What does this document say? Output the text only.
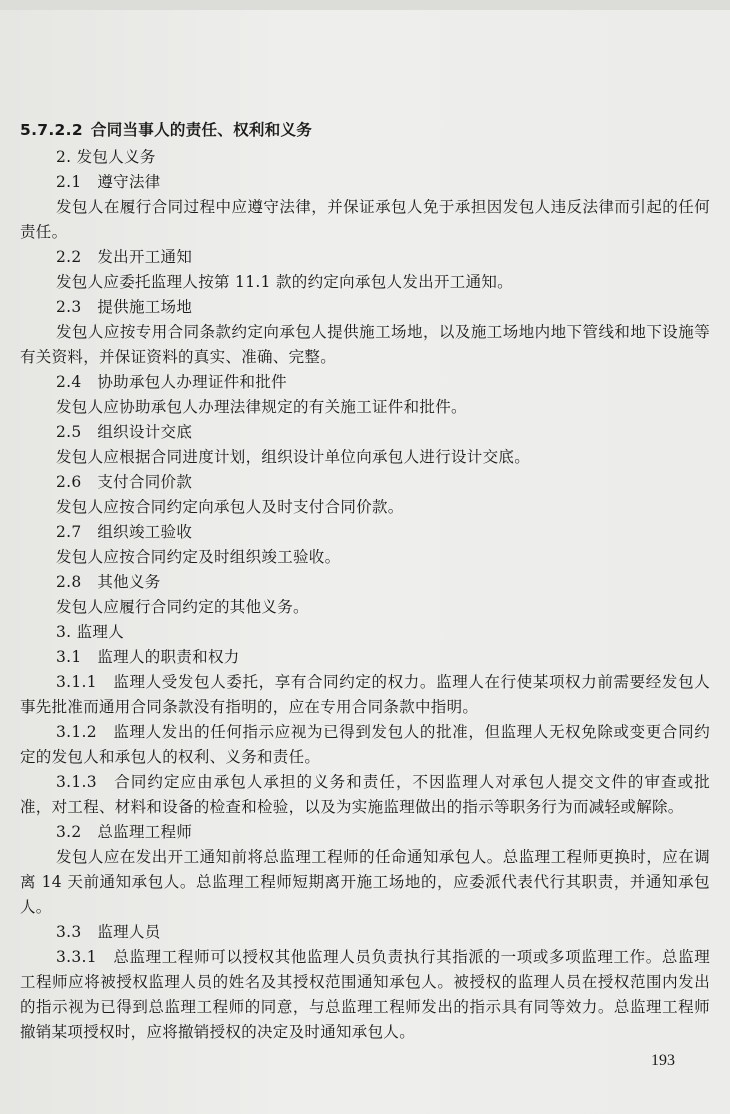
5.7.2.2 合同当事人的责任、权利和义务
2. 发包人义务
2.1　遵守法律
发包人在履行合同过程中应遵守法律，并保证承包人免于承担因发包人违反法律而引起的任何责任。
2.2　发出开工通知
发包人应委托监理人按第 11.1 款的约定向承包人发出开工通知。
2.3　提供施工场地
发包人应按专用合同条款约定向承包人提供施工场地，以及施工场地内地下管线和地下设施等有关资料，并保证资料的真实、准确、完整。
2.4　协助承包人办理证件和批件
发包人应协助承包人办理法律规定的有关施工证件和批件。
2.5　组织设计交底
发包人应根据合同进度计划，组织设计单位向承包人进行设计交底。
2.6　支付合同价款
发包人应按合同约定向承包人及时支付合同价款。
2.7　组织竣工验收
发包人应按合同约定及时组织竣工验收。
2.8　其他义务
发包人应履行合同约定的其他义务。
3. 监理人
3.1　监理人的职责和权力
3.1.1　监理人受发包人委托，享有合同约定的权力。监理人在行使某项权力前需要经发包人事先批准而通用合同条款没有指明的，应在专用合同条款中指明。
3.1.2　监理人发出的任何指示应视为已得到发包人的批准，但监理人无权免除或变更合同约定的发包人和承包人的权利、义务和责任。
3.1.3　合同约定应由承包人承担的义务和责任，不因监理人对承包人提交文件的审查或批准，对工程、材料和设备的检查和检验，以及为实施监理做出的指示等职务行为而减轻或解除。
3.2　总监理工程师
发包人应在发出开工通知前将总监理工程师的任命通知承包人。总监理工程师更换时，应在调离 14 天前通知承包人。总监理工程师短期离开施工场地的，应委派代表代行其职责，并通知承包人。
3.3　监理人员
3.3.1　总监理工程师可以授权其他监理人员负责执行其指派的一项或多项监理工作。总监理工程师应将被授权监理人员的姓名及其授权范围通知承包人。被授权的监理人员在授权范围内发出的指示视为已得到总监理工程师的同意，与总监理工程师发出的指示具有同等效力。总监理工程师撤销某项授权时，应将撤销授权的决定及时通知承包人。
193
